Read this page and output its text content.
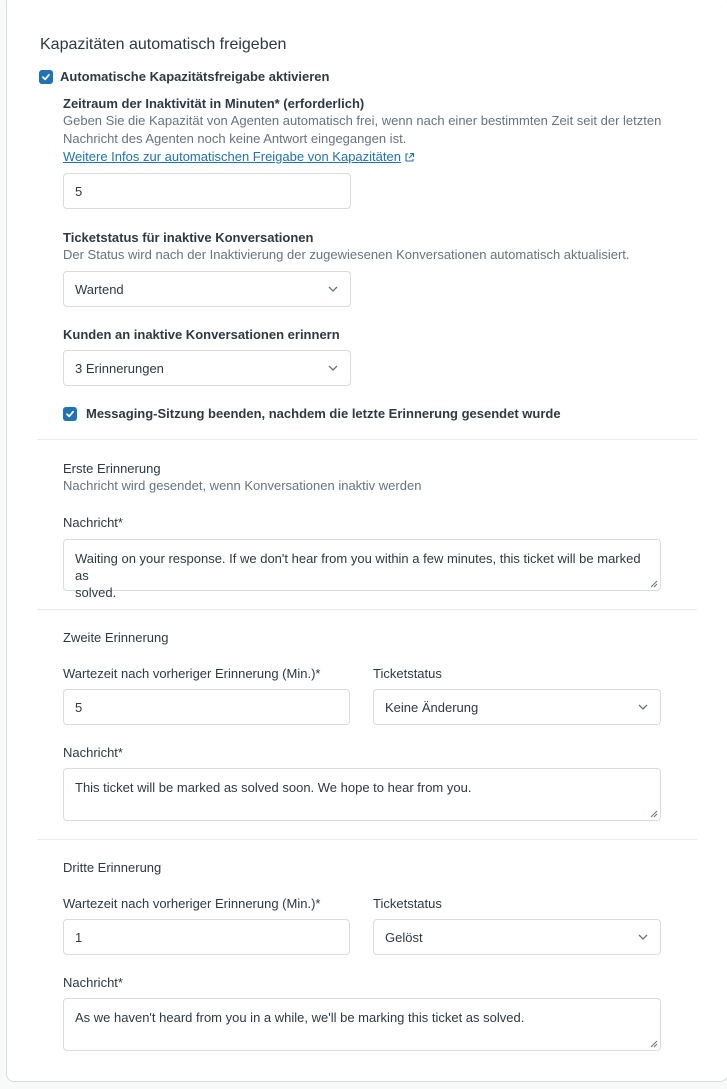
Kapazitäten automatisch freigeben
Automatische Kapazitätsfreigabe aktivieren
Zeitraum der Inaktivität in Minuten* (erforderlich)
Geben Sie die Kapazität von Agenten automatisch frei, wenn nach einer bestimmten Zeit seit der letzten
Nachricht des Agenten noch keine Antwort eingegangen ist.
Weitere Infos zur automatischen Freigabe von Kapazitäten
5
Ticketstatus für inaktive Konversationen
Der Status wird nach der Inaktivierung der zugewiesenen Konversationen automatisch aktualisiert.
Wartend
Kunden an inaktive Konversationen erinnern
3 Erinnerungen
Messaging-Sitzung beenden, nachdem die letzte Erinnerung gesendet wurde
Erste Erinnerung
Nachricht wird gesendet, wenn Konversationen inaktiv werden
Nachricht*
Waiting on your response. If we don't hear from you within a few minutes, this ticket will be marked as
solved.
Zweite Erinnerung
Wartezeit nach vorheriger Erinnerung (Min.)*	Ticketstatus
5	Keine Änderung
Nachricht*
This ticket will be marked as solved soon. We hope to hear from you.
Dritte Erinnerung
Wartezeit nach vorheriger Erinnerung (Min.)*	Ticketstatus
1	Gelöst
Nachricht*
As we haven't heard from you in a while, we'll be marking this ticket as solved.
